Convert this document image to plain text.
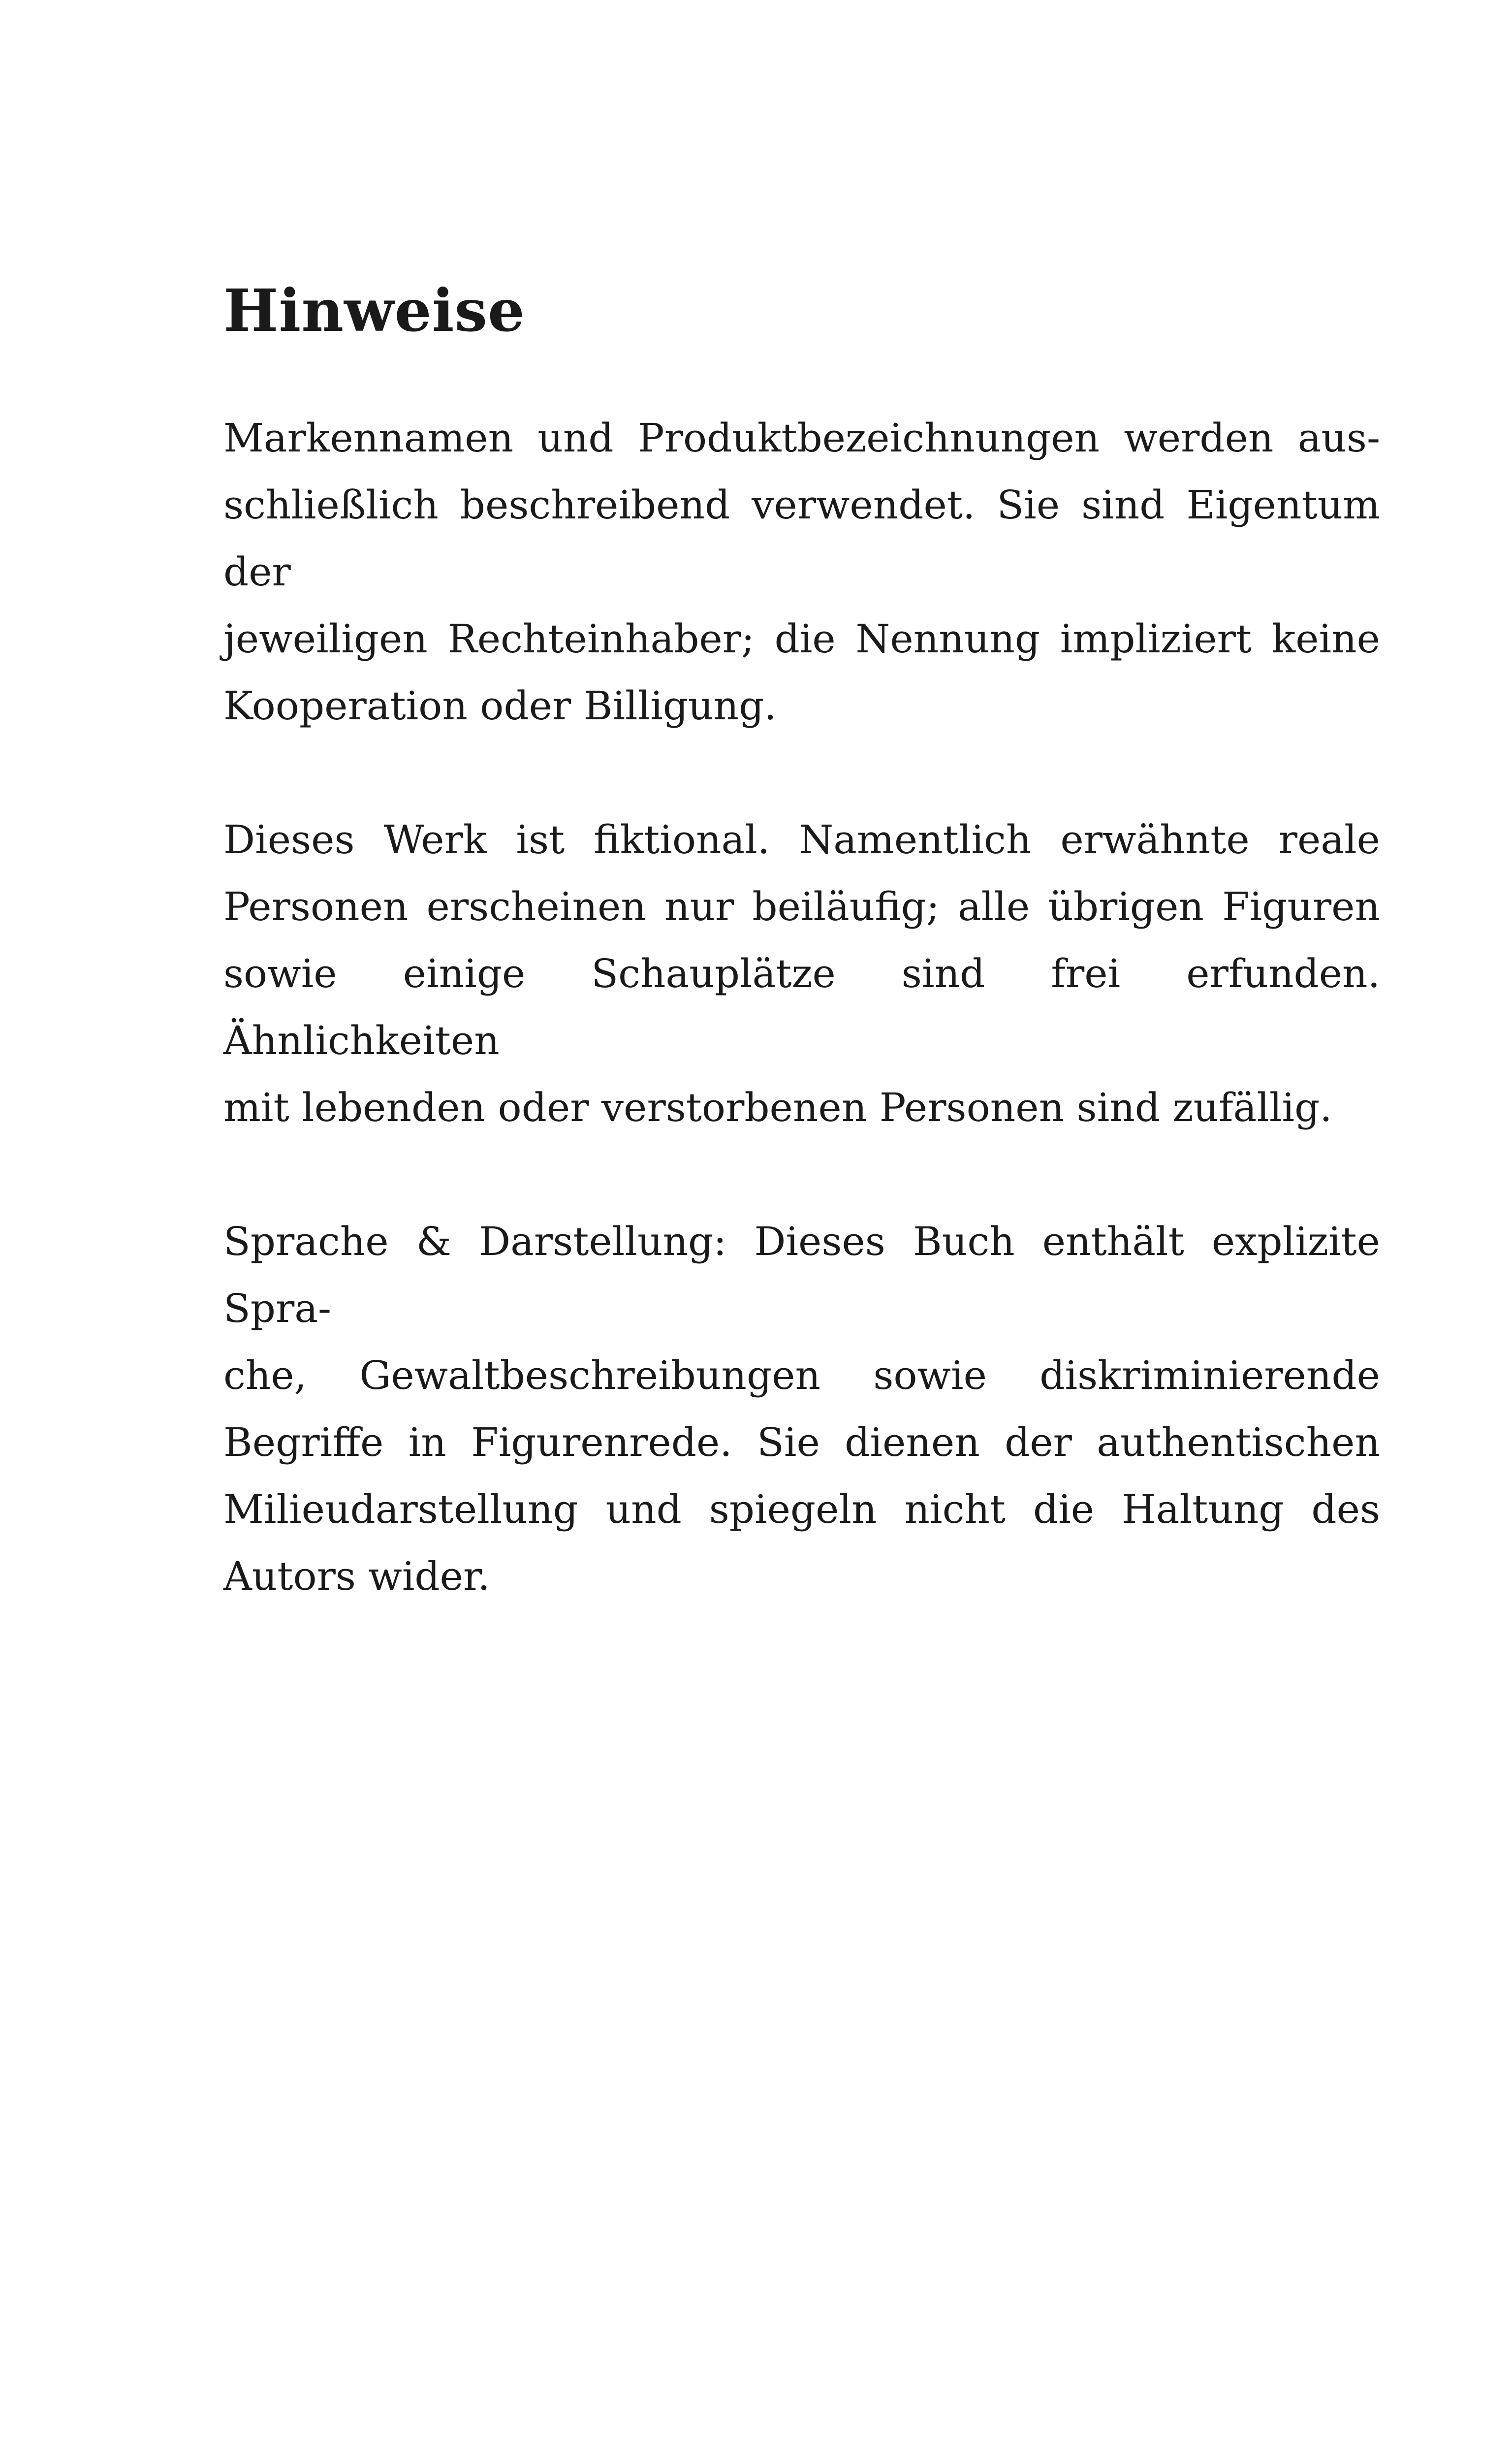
Hinweise

Markennamen und Produktbezeichnungen werden aus-
schließlich beschreibend verwendet. Sie sind Eigentum der
jeweiligen Rechteinhaber; die Nennung impliziert keine
Kooperation oder Billigung.

Dieses Werk ist fiktional. Namentlich erwähnte reale
Personen erscheinen nur beiläufig; alle übrigen Figuren
sowie einige Schauplätze sind frei erfunden. Ähnlichkeiten
mit lebenden oder verstorbenen Personen sind zufällig.

Sprache & Darstellung: Dieses Buch enthält explizite Spra-
che, Gewaltbeschreibungen sowie diskriminierende
Begriffe in Figurenrede. Sie dienen der authentischen
Milieudarstellung und spiegeln nicht die Haltung des
Autors wider.
